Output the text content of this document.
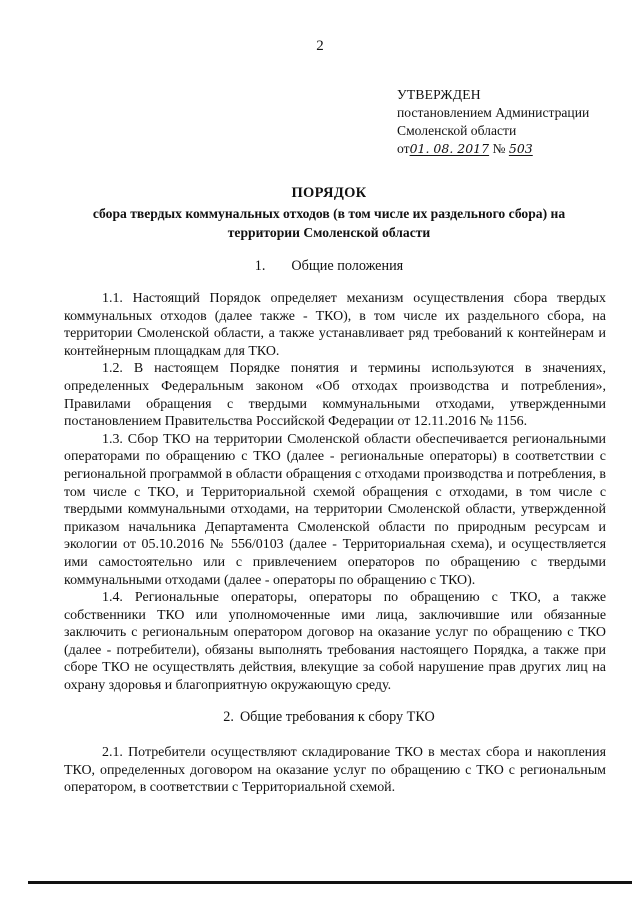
2
УТВЕРЖДЕН
постановлением Администрации
Смоленской области
от01. 08. 2017 № 503
ПОРЯДОК
сбора твердых коммунальных отходов (в том числе их раздельного сбора) на территории Смоленской области
1. Общие положения

1.1. Настоящий Порядок определяет механизм осуществления сбора твердых коммунальных отходов (далее также - ТКО), в том числе их раздельного сбора, на территории Смоленской области, а также устанавливает ряд требований к контейнерам и контейнерным площадкам для ТКО.

1.2. В настоящем Порядке понятия и термины используются в значениях, определенных Федеральным законом «Об отходах производства и потребления», Правилами обращения с твердыми коммунальными отходами, утвержденными постановлением Правительства Российской Федерации от 12.11.2016 № 1156.

1.3. Сбор ТКО на территории Смоленской области обеспечивается региональными операторами по обращению с ТКО (далее - региональные операторы) в соответствии с региональной программой в области обращения с отходами производства и потребления, в том числе с ТКО, и Территориальной схемой обращения с отходами, в том числе с твердыми коммунальными отходами, на территории Смоленской области, утвержденной приказом начальника Департамента Смоленской области по природным ресурсам и экологии от 05.10.2016 № 556/0103 (далее - Территориальная схема), и осуществляется ими самостоятельно или с привлечением операторов по обращению с твердыми коммунальными отходами (далее - операторы по обращению с ТКО).

1.4. Региональные операторы, операторы по обращению с ТКО, а также собственники ТКО или уполномоченные ими лица, заключившие или обязанные заключить с региональным оператором договор на оказание услуг по обращению с ТКО (далее - потребители), обязаны выполнять требования настоящего Порядка, а также при сборе ТКО не осуществлять действия, влекущие за собой нарушение прав других лиц на охрану здоровья и благоприятную окружающую среду.

2. Общие требования к сбору ТКО

2.1. Потребители осуществляют складирование ТКО в местах сбора и накопления ТКО, определенных договором на оказание услуг по обращению с ТКО с региональным оператором, в соответствии с Территориальной схемой.
